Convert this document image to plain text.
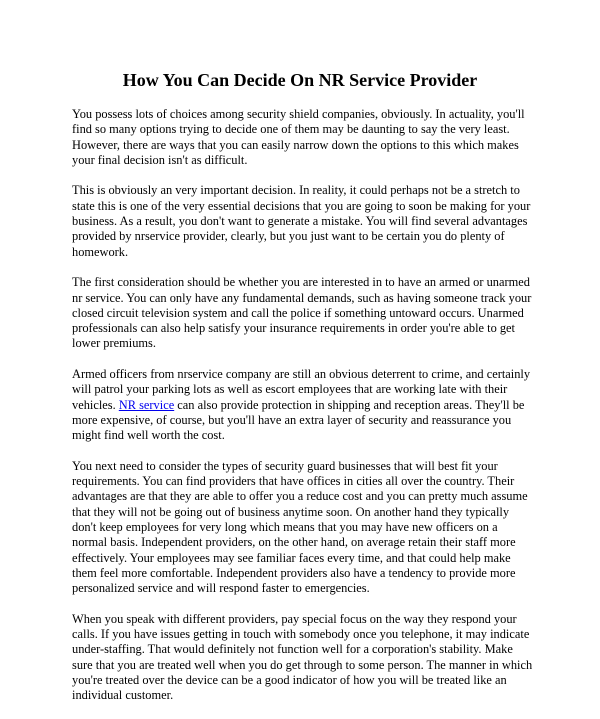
How You Can Decide On NR Service Provider

You possess lots of choices among security shield companies, obviously. In actuality, you'll find so many options trying to decide one of them may be daunting to say the very least. However, there are ways that you can easily narrow down the options to this which makes your final decision isn't as difficult.

This is obviously an very important decision. In reality, it could perhaps not be a stretch to state this is one of the very essential decisions that you are going to soon be making for your business. As a result, you don't want to generate a mistake. You will find several advantages provided by nrservice provider, clearly, but you just want to be certain you do plenty of homework.

The first consideration should be whether you are interested in to have an armed or unarmed nr service. You can only have any fundamental demands, such as having someone track your closed circuit television system and call the police if something untoward occurs. Unarmed professionals can also help satisfy your insurance requirements in order you're able to get lower premiums.

Armed officers from nrservice company are still an obvious deterrent to crime, and certainly will patrol your parking lots as well as escort employees that are working late with their vehicles. NR service can also provide protection in shipping and reception areas. They'll be more expensive, of course, but you'll have an extra layer of security and reassurance you might find well worth the cost.

You next need to consider the types of security guard businesses that will best fit your requirements. You can find providers that have offices in cities all over the country. Their advantages are that they are able to offer you a reduce cost and you can pretty much assume that they will not be going out of business anytime soon. On another hand they typically don't keep employees for very long which means that you may have new officers on a normal basis. Independent providers, on the other hand, on average retain their staff more effectively. Your employees may see familiar faces every time, and that could help make them feel more comfortable. Independent providers also have a tendency to provide more personalized service and will respond faster to emergencies.

When you speak with different providers, pay special focus on the way they respond your calls. If you have issues getting in touch with somebody once you telephone, it may indicate under-staffing. That would definitely not function well for a corporation's stability. Make sure that you are treated well when you do get through to some person. The manner in which you're treated over the device can be a good indicator of how you will be treated like an individual customer.
